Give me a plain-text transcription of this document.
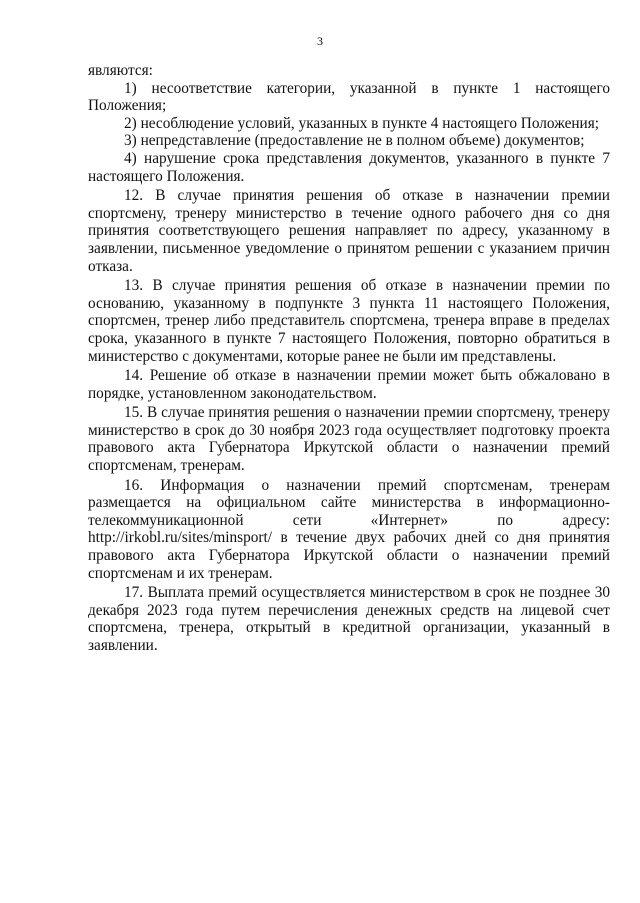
3

являются:

1) несоответствие категории, указанной в пункте 1 настоящего Положения;

2) несоблюдение условий, указанных в пункте 4 настоящего Положения;

3) непредставление (предоставление не в полном объеме) документов;

4) нарушение срока представления документов, указанного в пункте 7 настоящего Положения.

12. В случае принятия решения об отказе в назначении премии спортсмену, тренеру министерство в течение одного рабочего дня со дня принятия соответствующего решения направляет по адресу, указанному в заявлении, письменное уведомление о принятом решении с указанием причин отказа.

13. В случае принятия решения об отказе в назначении премии по основанию, указанному в подпункте 3 пункта 11 настоящего Положения, спортсмен, тренер либо представитель спортсмена, тренера вправе в пределах срока, указанного в пункте 7 настоящего Положения, повторно обратиться в министерство с документами, которые ранее не были им представлены.

14. Решение об отказе в назначении премии может быть обжаловано в порядке, установленном законодательством.

15. В случае принятия решения о назначении премии спортсмену, тренеру министерство в срок до 30 ноября 2023 года осуществляет подготовку проекта правового акта Губернатора Иркутской области о назначении премий спортсменам, тренерам.

16. Информация о назначении премий спортсменам, тренерам размещается на официальном сайте министерства в информационно-телекоммуникационной сети «Интернет» по адресу: http://irkobl.ru/sites/minsport/ в течение двух рабочих дней со дня принятия правового акта Губернатора Иркутской области о назначении премий спортсменам и их тренерам.

17. Выплата премий осуществляется министерством в срок не позднее 30 декабря 2023 года путем перечисления денежных средств на лицевой счет спортсмена, тренера, открытый в кредитной организации, указанный в заявлении.
